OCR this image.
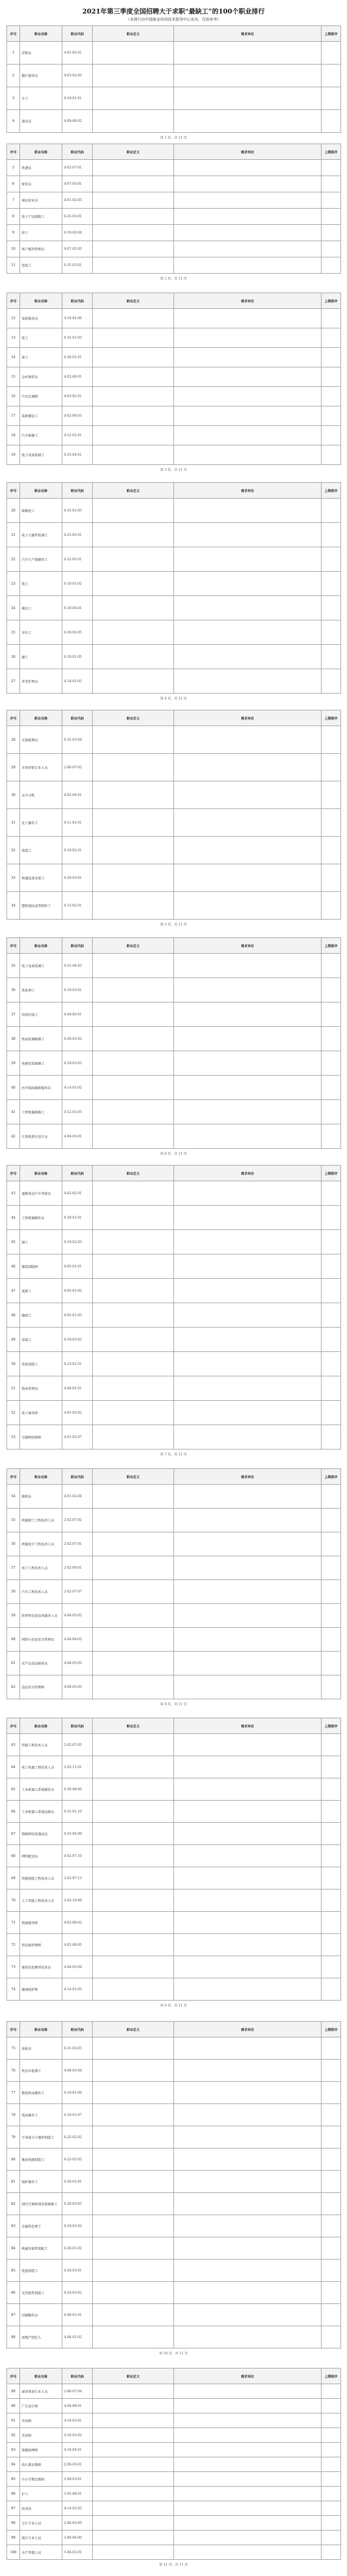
2021年第三季度全国招聘大于求职“最缺工”的100个职业排行
（本排行由中国就业培训技术指导中心发布，仅供参考）
序号	职业名称	职业代码	职业定义	需求单位	上期排序
1	营销员	4-01-02-01			
2	餐厅服务员	4-03-02-05			
3	车工	6-18-01-01			
4	保洁员	4-09-08-02			
第 1 页，共 11 页
序号	职业名称	职业代码	职业定义	需求单位	上期排序
5	快递员	4-02-07-01			
6	保安员	4-07-05-01			
7	商品营业员	4-01-02-03			
8	电子产品制版工	6-25-03-01			
9	焊工	6-18-02-04			
10	客户服务管理员	4-07-02-03			
11	包装工	6-31-03-01			
第 2 页，共 11 页
序号	职业名称	职业代码	职业定义	需求单位	上期排序
12	家政服务员	4-10-01-06			
13	电工	6-31-01-03			
14	钳工	6-20-01-01			
15	仓库保管员	4-02-06-01			
16	中式烹调师	4-03-02-01			
17	装卸搬运工	4-02-06-03			
18	汽车维修工	4-12-01-01			
19	电子设备装接工	6-25-04-01			
第 3 页，共 11 页
序号	职业名称	职业代码	职业定义	需求单位	上期排序
20	维修电工	6-31-01-03			
21	电子元器件装调工	6-25-02-01			
22	汽车生产线操作工	6-22-02-01			
23	铣工	6-18-01-02			
24	模具工	6-18-04-01			
25	冲压工	6-18-02-05			
26	磨工	6-18-01-05			
27	养老护理员	4-10-01-05			
第 4 页，共 11 页
序号	职业名称	职业代码	职业定义	需求单位	上期排序
28	无损检测员	6-31-03-04			
29	市场营销专业人员	2-06-07-02			
30	叉车司机	4-02-04-01			
31	化工操作工	6-11-01-01			
32	铸造工	6-18-02-01			
33	机械设备安装工	6-29-03-01			
34	塑料制品成型制作工	6-15-02-01			
第 5 页，共 11 页
序号	职业名称	职业代码	职业定义	需求单位	上期排序
35	电子设备装调工	6-25-04-03			
36	热处理工	6-18-03-01			
37	纺织印染工	6-04-05-01			
38	机床装调维修工	6-20-03-02			
39	电梯安装维修工	6-29-03-03			
40	医疗临床辅助服务员	4-14-01-02			
41	工程机械维修工	4-12-01-03			
42	计算机程序设计员	4-04-05-01			
第 6 页，共 11 页
序号	职业名称	职业代码	职业定义	需求单位	上期排序
43	道路客运汽车驾驶员	4-02-02-01			
44	工程机械操作员	6-29-01-01			
45	铆工	6-18-02-03			
46	服装制版师	6-05-01-01			
47	裁剪工	6-05-01-02			
48	缝纫工	6-05-01-03			
49	涂装工	6-18-03-05			
50	电机制造工	6-23-01-01			
51	物业管理员	4-06-01-01			
52	电子商务师	4-01-02-02			
53	互联网营销师	4-01-02-07			
第 7 页，共 11 页
序号	职业名称	职业代码	职业定义	需求单位	上期排序
54	推销员	4-01-02-04			
55	机械加工工程技术人员	2-02-07-02			
56	机械设计工程技术人员	2-02-07-01			
57	电子工程技术人员	2-02-09-01			
58	汽车工程技术人员	2-02-07-07			
59	软件和信息技术服务人员	4-04-05-02			
60	网络与信息安全管理员	4-04-04-02			
61	农产品食品检验员	4-08-05-02			
62	食品安全管理师	4-08-05-03			
第 8 页，共 11 页
序号	职业名称	职业代码	职业定义	需求单位	上期排序
63	焊接工程技术人员	2-02-07-05			
64	电工电器工程技术人员	2-02-11-01			
65	工业机器人系统操作员	6-30-99-00			
66	工业机器人系统运维员	6-31-01-10			
67	物联网安装调试员	6-25-04-09			
68	网约配送员	4-02-07-10			
69	智能制造工程技术人员	2-02-07-13			
70	人工智能工程技术人员	2-02-10-09			
71	物流服务师	4-02-06-02			
72	供应链管理师	4-02-06-05			
73	建筑信息模型技术员	4-04-05-04			
74	健康照护师	4-14-01-03			
第 9 页，共 11 页
序号	职业名称	职业代码	职业定义	需求单位	上期排序
75	质检员	6-31-03-03			
76	机动车检测工	4-08-05-04			
77	数控机床操作工	6-18-01-06			
78	铣床操作工	6-18-01-07			
79	半导体分立器件制造工	6-25-02-02			
80	集成电路制造工	6-25-02-03			
81	锅炉操作工	6-28-01-01			
82	制冷空调系统安装维修工	6-29-03-05			
83	金属热处理工	6-18-03-02			
84	机械零部件装配工	6-20-01-02			
85	电池制造工	6-24-03-01			
86	光伏组件制造工	6-24-03-02			
87	印刷操作员	6-08-01-01			
88	房地产经纪人	4-06-01-02			
第 10 页，共 11 页
序号	职业名称	职业代码	职业定义	需求单位	上期排序
89	商务策划专业人员	2-06-07-04			
90	广告设计师	4-08-08-01			
91	美容师	4-10-03-01			
92	美发师	4-10-03-02			
93	保健按摩师	4-10-04-01			
94	幼儿教育教师	2-08-05-01			
95	中小学教育教师	2-08-03-01			
96	护士	2-05-08-01			
97	药剂员	4-14-02-02			
98	会计专业人员	2-06-03-00			
99	统计专业人员	2-06-04-00			
100	水产养殖人员	5-04-02-01			
第 11 页，共 11 页
